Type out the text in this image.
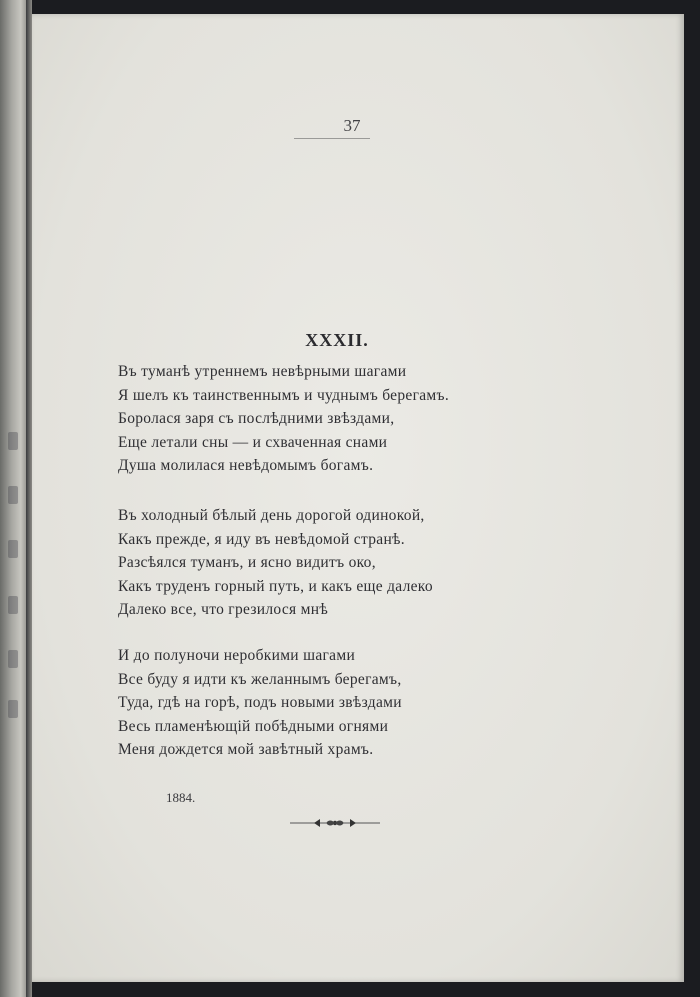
37
XXXII.
Въ туманѣ утреннемъ невѣрными шагами
Я шелъ къ таинственнымъ и чуднымъ берегамъ.
Боролася заря съ послѣдними звѣздами,
Еще летали сны — и схваченная снами
Душа молилася невѣдомымъ богамъ.
Въ холодный бѣлый день дорогой одинокой,
Какъ прежде, я иду въ невѣдомой странѣ.
Разсѣялся туманъ, и ясно видитъ око,
Какъ труденъ горный путь, и какъ еще далеко
Далеко все, что грезилося мнѣ
И до полуночи неробкими шагами
Все буду я идти къ желаннымъ берегамъ,
Туда, гдѣ на горѣ, подъ новыми звѣздами
Весь пламенѣющій побѣдными огнями
Меня дождется мой завѣтный храмъ.
1884.
